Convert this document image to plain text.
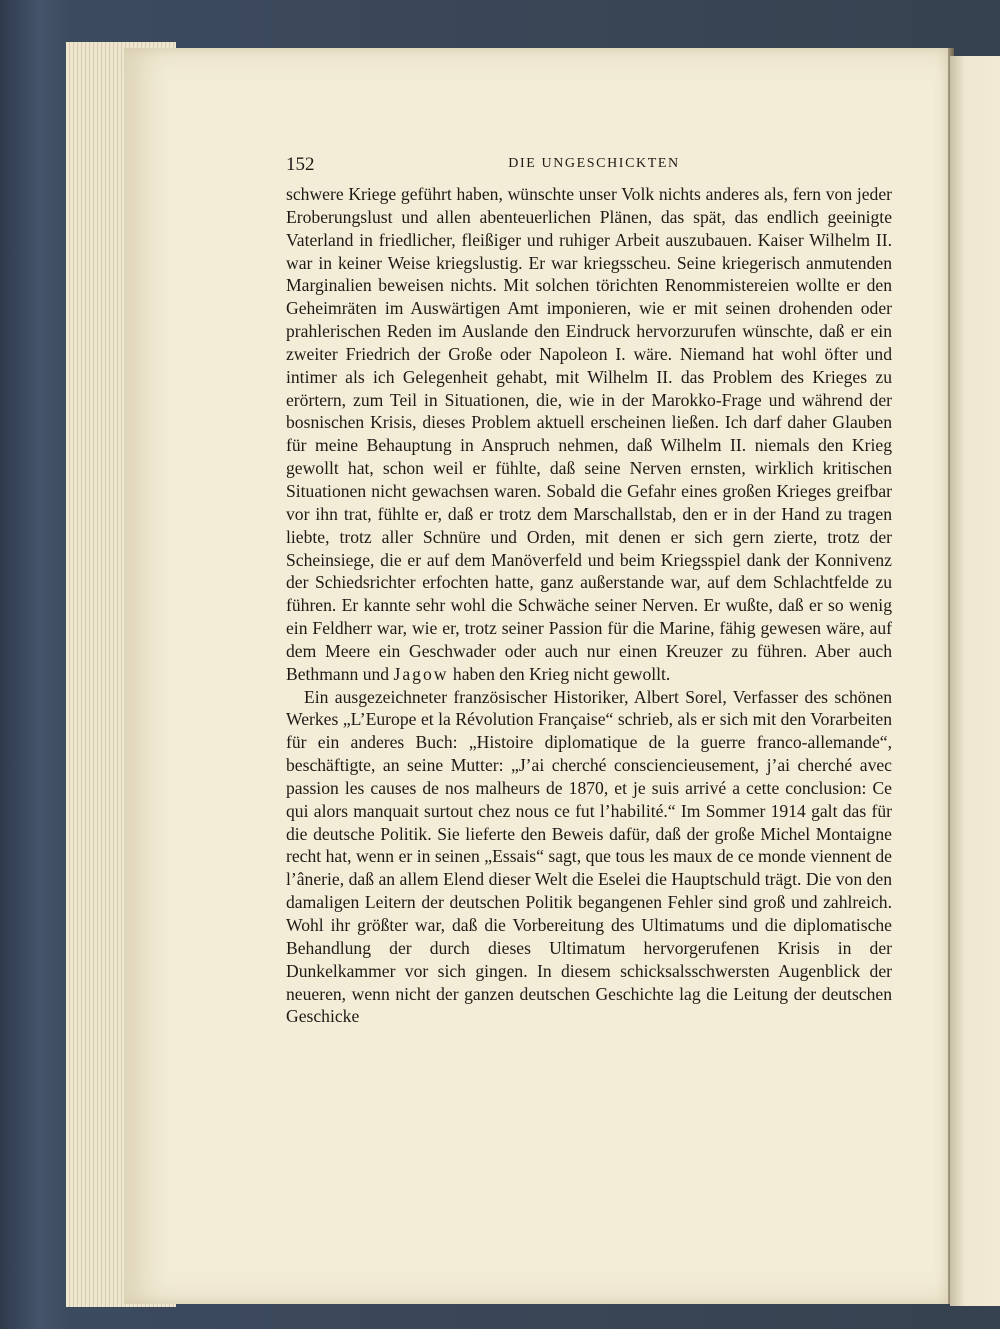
152	DIE UNGESCHICKTEN

schwere Kriege geführt haben, wünschte unser Volk nichts anderes als, fern von jeder Eroberungslust und allen abenteuerlichen Plänen, das spät, das endlich geeinigte Vaterland in friedlicher, fleißiger und ruhiger Arbeit auszubauen. Kaiser Wilhelm II. war in keiner Weise kriegslustig. Er war kriegsscheu. Seine kriegerisch anmutenden Marginalien beweisen nichts. Mit solchen törichten Renommistereien wollte er den Geheimräten im Auswärtigen Amt imponieren, wie er mit seinen drohenden oder prahlerischen Reden im Auslande den Eindruck hervorzurufen wünschte, daß er ein zweiter Friedrich der Große oder Napoleon I. wäre. Niemand hat wohl öfter und intimer als ich Gelegenheit gehabt, mit Wilhelm II. das Problem des Krieges zu erörtern, zum Teil in Situationen, die, wie in der Marokko-Frage und während der bosnischen Krisis, dieses Problem aktuell erscheinen ließen. Ich darf daher Glauben für meine Behauptung in Anspruch nehmen, daß Wilhelm II. niemals den Krieg gewollt hat, schon weil er fühlte, daß seine Nerven ernsten, wirklich kritischen Situationen nicht gewachsen waren. Sobald die Gefahr eines großen Krieges greifbar vor ihn trat, fühlte er, daß er trotz dem Marschallstab, den er in der Hand zu tragen liebte, trotz aller Schnüre und Orden, mit denen er sich gern zierte, trotz der Scheinsiege, die er auf dem Manöverfeld und beim Kriegsspiel dank der Konnivenz der Schiedsrichter erfochten hatte, ganz außerstande war, auf dem Schlachtfelde zu führen. Er kannte sehr wohl die Schwäche seiner Nerven. Er wußte, daß er so wenig ein Feldherr war, wie er, trotz seiner Passion für die Marine, fähig gewesen wäre, auf dem Meere ein Geschwader oder auch nur einen Kreuzer zu führen. Aber auch Bethmann und Jagow haben den Krieg nicht gewollt.

Ein ausgezeichneter französischer Historiker, Albert Sorel, Verfasser des schönen Werkes „L’Europe et la Révolution Française“ schrieb, als er sich mit den Vorarbeiten für ein anderes Buch: „Histoire diplomatique de la guerre franco-allemande“, beschäftigte, an seine Mutter: „J’ai cherché consciencieusement, j’ai cherché avec passion les causes de nos malheurs de 1870, et je suis arrivé a cette conclusion: Ce qui alors manquait surtout chez nous ce fut l’habilité.“ Im Sommer 1914 galt das für die deutsche Politik. Sie lieferte den Beweis dafür, daß der große Michel Montaigne recht hat, wenn er in seinen „Essais“ sagt, que tous les maux de ce monde viennent de l’ânerie, daß an allem Elend dieser Welt die Eselei die Hauptschuld trägt. Die von den damaligen Leitern der deutschen Politik begangenen Fehler sind groß und zahlreich. Wohl ihr größter war, daß die Vorbereitung des Ultimatums und die diplomatische Behandlung der durch dieses Ultimatum hervorgerufenen Krisis in der Dunkelkammer vor sich gingen. In diesem schicksalsschwersten Augenblick der neueren, wenn nicht der ganzen deutschen Geschichte lag die Leitung der deutschen Geschicke
